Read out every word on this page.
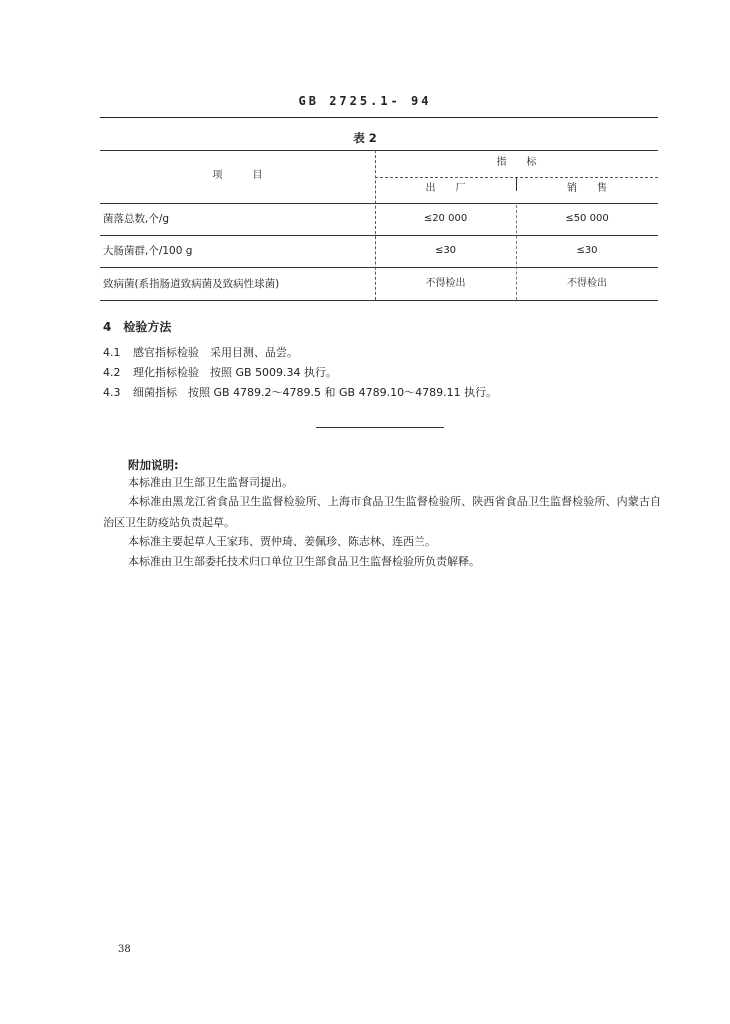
GB 2725.1- 94
表 2
项　　　目
指　　标
出　　厂	销　　售
菌落总数,个/g	≤20 000	≤50 000
大肠菌群,个/100 g	≤30	≤30
致病菌(系指肠道致病菌及致病性球菌)	不得检出	不得检出
4　检验方法
4.1 感官指标检验　采用目测、品尝。
4.2 理化指标检验　按照 GB 5009.34 执行。
4.3 细菌指标　按照 GB 4789.2～4789.5 和 GB 4789.10～4789.11 执行。
附加说明:
本标准由卫生部卫生监督司提出。
本标准由黑龙江省食品卫生监督检验所、上海市食品卫生监督检验所、陕西省食品卫生监督检验所、内蒙古自治区卫生防疫站负责起草。
本标准主要起草人王家玮、贾仲琦、姜佩珍、陈志林、连西兰。
本标准由卫生部委托技术归口单位卫生部食品卫生监督检验所负责解释。
38
